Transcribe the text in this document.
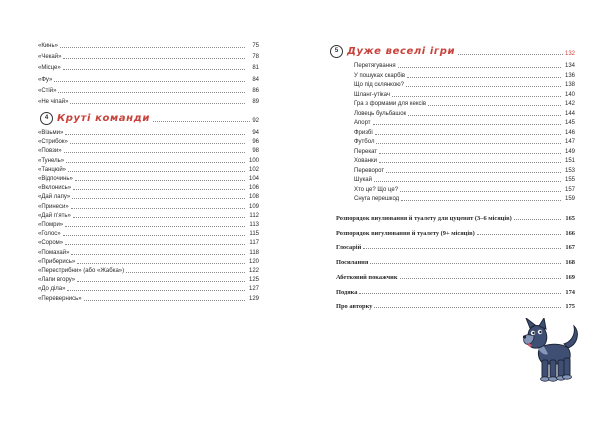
«Кинь»	75
«Чекай»	78
«Місце»	81
«Фу»	84
«Стій»	86
«Не чіпай»	89
4 Круті команди	92
«Візьми»	94
«Стрибок»	96
«Повзи»	98
«Тунель»	100
«Танцюй»	102
«Відпочинь»	104
«Вклонись»	106
«Дай лапу»	108
«Принеси»	109
«Дай п’ять»	112
«Помри»	113
«Голос»	115
«Сором»	117
«Помахай»	118
«Приберись»	120
«Перестрибни» (або «Жабка»)	122
«Лапи вгору»	125
«До діла»	127
«Перевернись»	129
5 Дуже веселі ігри	132
Перетягування	134
У пошуках скарбів	136
Що під склянкою?	138
Шланг-утікач	140
Гра з формами для кексів	142
Ловець бульбашок	144
Апорт	145
Фризбі	146
Футбол	147
Перекат	149
Хованки	151
Переворот	153
Шукай	155
Хто це? Що це?	157
Снуга перешкод	159
Розпорядок виулювання й туалету для цуценят (3–6 місяців)	165
Розпорядок вигулювання й туалету (9+ місяців)	166
Глосарій	167
Посилання	168
Абетковий покажчик	169
Подяка	174
Про авторку	175
